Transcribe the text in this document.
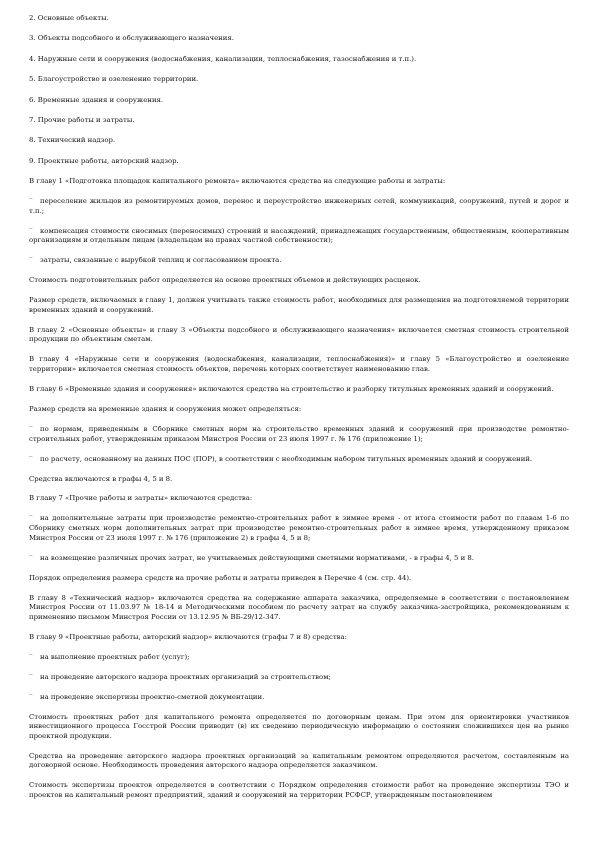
2. Основные объекты.

3. Объекты подсобного и обслуживающего назначения.

4. Наружные сети и сооружения (водоснабжения, канализации, теплоснабжения, газоснабжения и т.п.).

5. Благоустройство и озеленение территории.

6. Временные здания и сооружения.

7. Прочие работы и затраты.

8. Технический надзор.

9. Проектные работы, авторский надзор.

В главу 1 «Подготовка площадок капитального ремонта» включаются средства на следующие работы и затраты:

‾ переселение жильцов из ремонтируемых домов, перенос и переустройство инженерных сетей, коммуникаций, сооружений, путей и дорог и т.п.;

‾ компенсация стоимости сносимых (переносимых) строений и насаждений, принадлежащих государственным, общественным, кооперативным организациям и отдельным лицам (владельцам на правах частной собственности);

‾ затраты, связанные с вырубкой теплиц и согласованием проекта.

Стоимость подготовительных работ определяется на основе проектных объемов и действующих расценок.

Размер средств, включаемых в главу 1, должен учитывать также стоимость работ, необходимых для размещения на подготовляемой территории временных зданий и сооружений.

В главу 2 «Основные объекты» и главу 3 «Объекты подсобного и обслуживающего назначения» включается сметная стоимость строительной продукции по объектным сметам.

В главу 4 «Наружные сети и сооружения (водоснабжения, канализации, теплоснабжения)» и главу 5 «Благоустройство и озеленение территории» включается сметная стоимость объектов, перечень которых соответствует наименованию глав.

В главу 6 «Временные здания и сооружения» включаются средства на строительство и разборку титульных временных зданий и сооружений.

Размер средств на временные здания и сооружения может определяться:

‾ по нормам, приведенным в Сборнике сметных норм на строительство временных зданий и сооружений при производстве ремонтно-строительных работ, утвержденным приказом Минстроя России от 23 июля 1997 г. № 176 (приложение 1);

‾ по расчету, основанному на данных ПОС (ПОР), в соответствии с необходимым набором титульных временных зданий и сооружений.

Средства включаются в графы 4, 5 и 8.

В главу 7 «Прочие работы и затраты» включаются средства:

‾ на дополнительные затраты при производстве ремонтно-строительных работ в зимнее время - от итога стоимости работ по главам 1-6 по Сборнику сметных норм дополнительных затрат при производстве ремонтно-строительных работ в зимнее время, утвержденному приказом Минстроя России от 23 июля 1997 г. № 176 (приложение 2) в графы 4, 5 и 8;

‾ на возмещение различных прочих затрат, не учитываемых действующими сметными нормативами, - в графы 4, 5 и 8.

Порядок определения размера средств на прочие работы и затраты приведен в Перечне 4 (см. стр. 44).

В главу 8 «Технический надзор» включаются средства на содержание аппарата заказчика, определяемые в соответствии с постановлением Минстроя России от 11.03.97 № 18-14 и Методическими пособием по расчету затрат на службу заказчика-застройщика, рекомендованным к применению письмом Минстроя России от 13.12.95 № ВБ-29/12-347.

В главу 9 «Проектные работы, авторский надзор» включаются (графы 7 и 8) средства:

‾ на выполнение проектных работ (услуг);

‾ на проведение авторского надзора проектных организаций за строительством;

‾ на проведение экспертизы проектно-сметной документации.

Стоимость проектных работ для капитального ремонта определяется по договорным ценам. При этом для ориентировки участников инвестиционного процесса Госстрой России приводит (в) их сведению периодическую информацию о состоянии сложившихся цен на рынке проектной продукции.

Средства на проведение авторского надзора проектных организаций за капитальным ремонтом определяются расчетом, составленным на договорной основе. Необходимость проведения авторского надзора определяется заказчиком.

Стоимость экспертизы проектов определяется в соответствии с Порядком определения стоимости работ на проведение экспертизы ТЭО и проектов на капитальный ремонт предприятий, зданий и сооружений на территории РСФСР, утвержденным постановлением
